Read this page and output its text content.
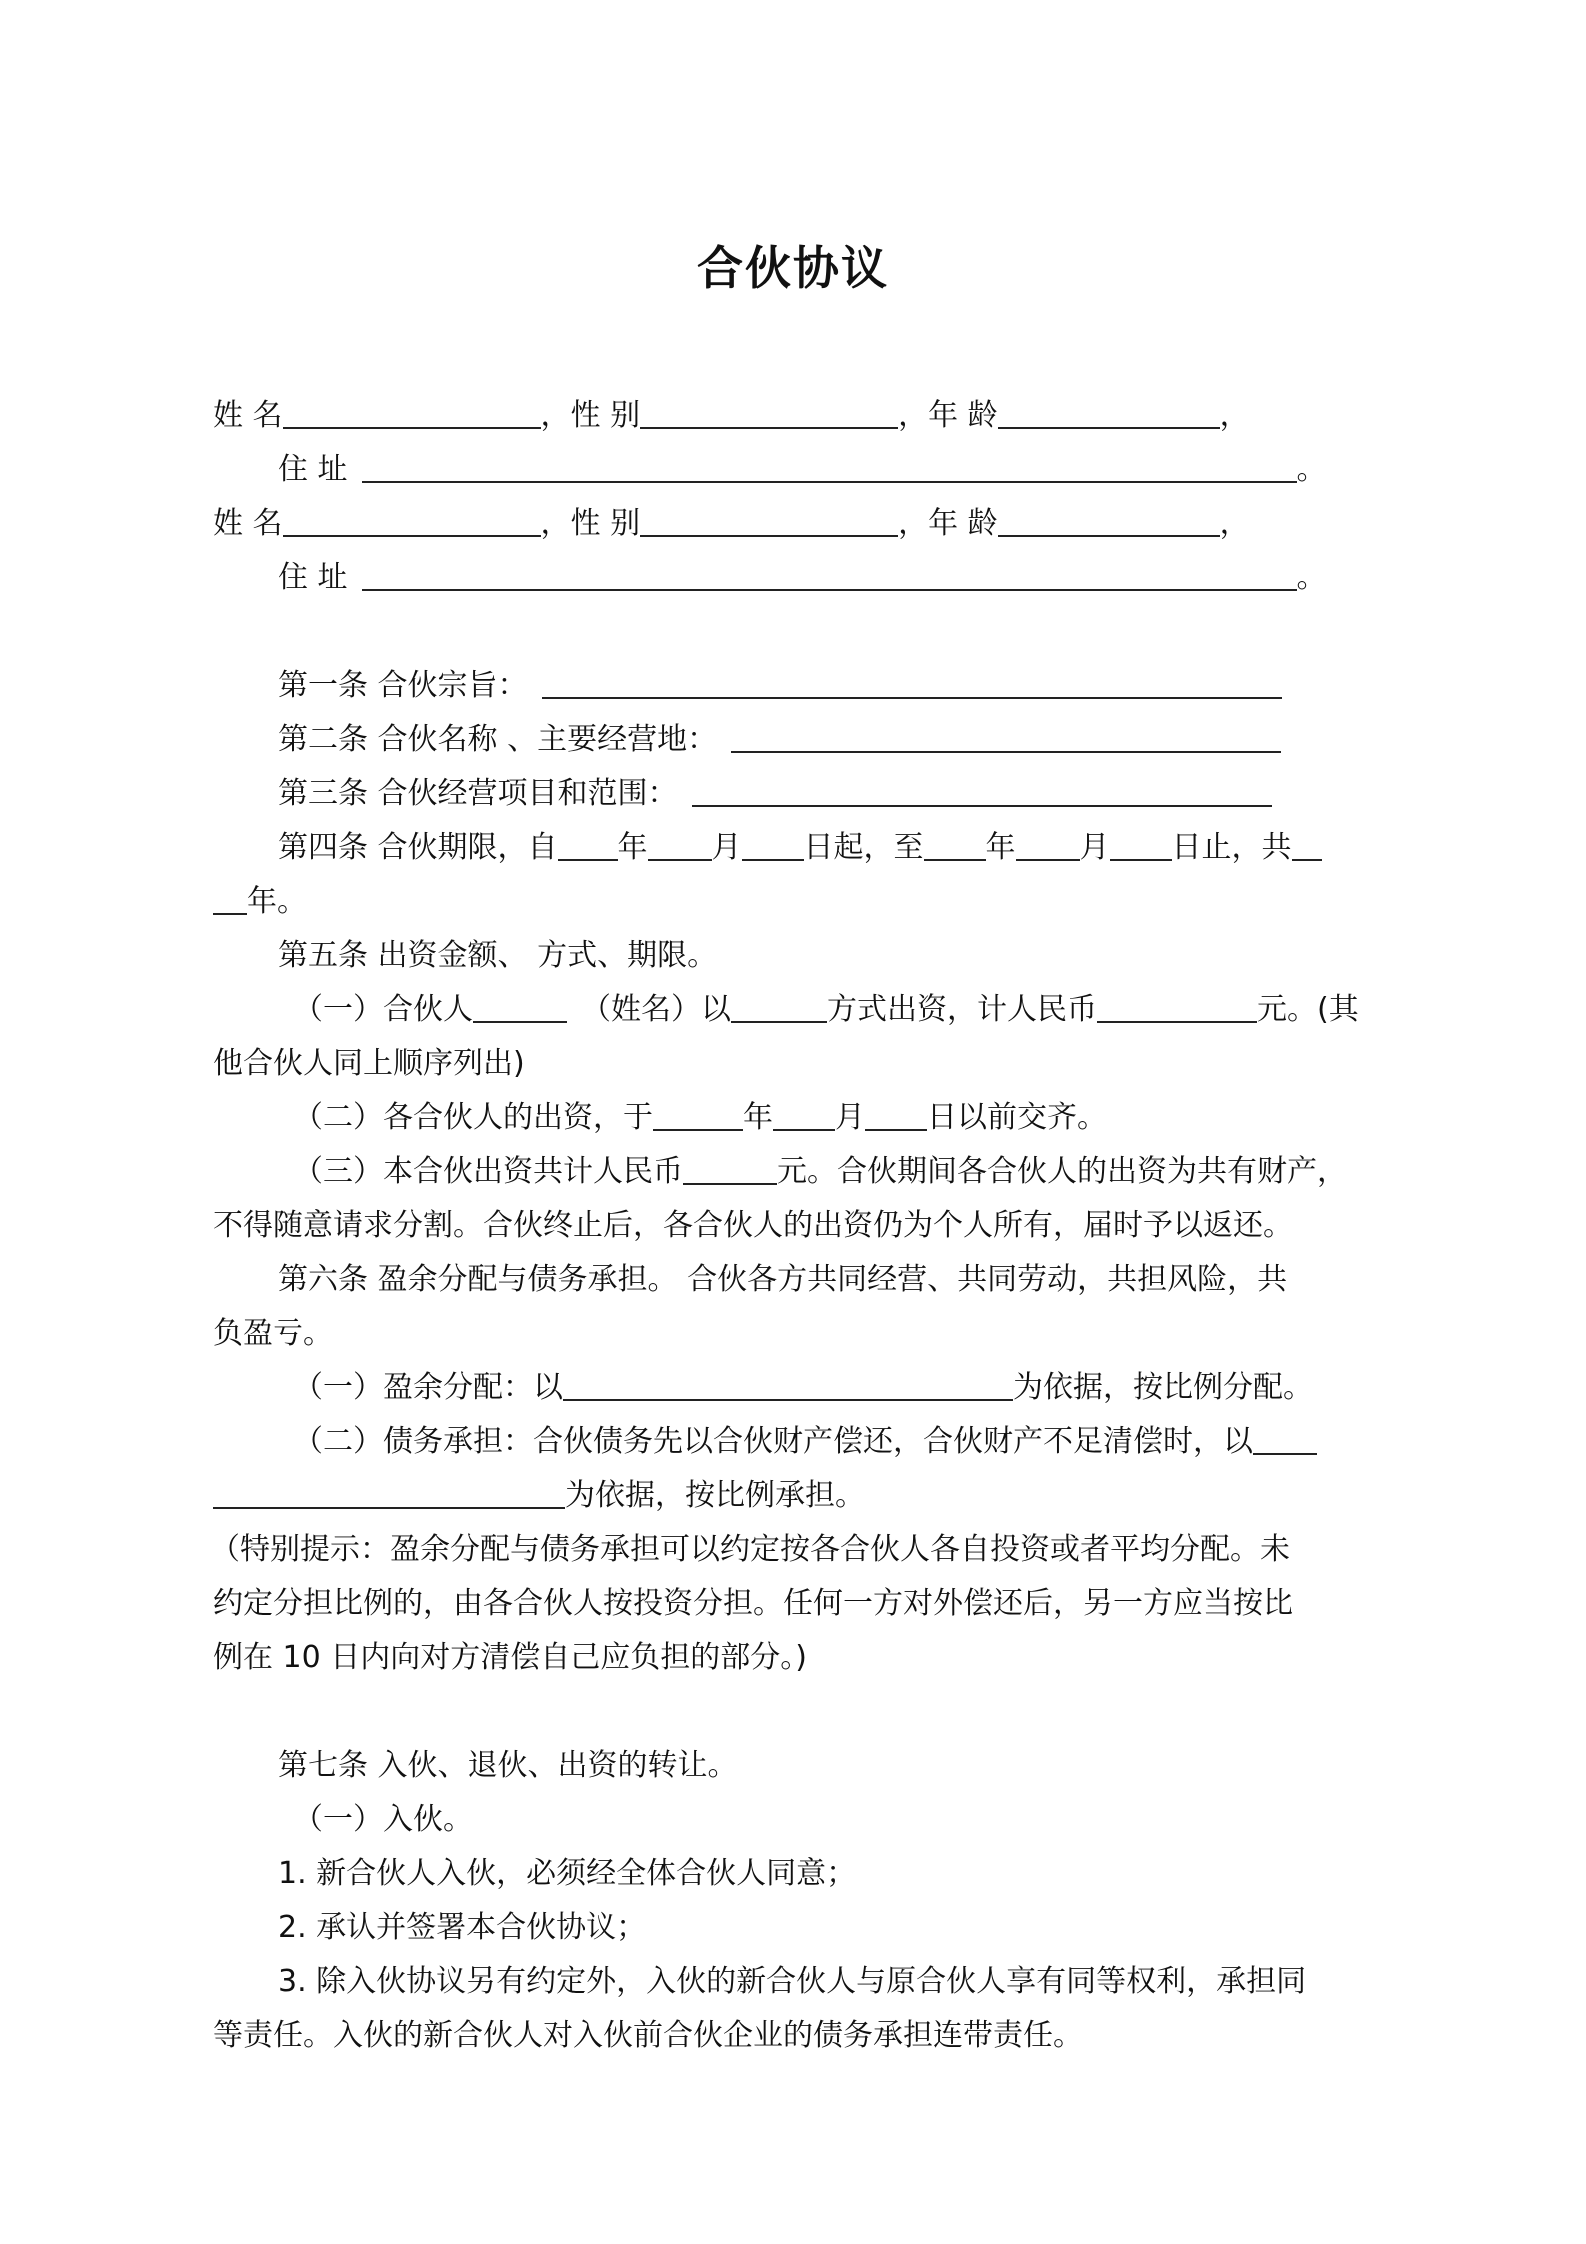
合伙协议
姓 名	，性 别	，年 龄	，
住 址	。
姓 名	，性 别	，年 龄	，
住 址	。
第一条 合伙宗旨：
第二条 合伙名称 、主要经营地：
第三条 合伙经营项目和范围：
第四条 合伙期限，自 年 月 日起，至 年 月 日止，共
年。
第五条 出资金额、 方式、期限。
（一）合伙人	（姓名）以	方式出资，计人民币	元。(其
他合伙人同上顺序列出)
（二）各合伙人的出资，于	年 月 日以前交齐。
（三）本合伙出资共计人民币	元。合伙期间各合伙人的出资为共有财产，
不得随意请求分割。合伙终止后，各合伙人的出资仍为个人所有，届时予以返还。
第六条 盈余分配与债务承担。 合伙各方共同经营、共同劳动，共担风险，共
负盈亏。
（一）盈余分配：以	为依据，按比例分配。
（二）债务承担：合伙债务先以合伙财产偿还，合伙财产不足清偿时，以
为依据，按比例承担。
（特别提示：盈余分配与债务承担可以约定按各合伙人各自投资或者平均分配。未
约定分担比例的，由各合伙人按投资分担。任何一方对外偿还后，另一方应当按比
例在 10 日内向对方清偿自己应负担的部分。)
第七条 入伙、退伙、出资的转让。
（一）入伙。
1. 新合伙人入伙，必须经全体合伙人同意；
2. 承认并签署本合伙协议；
3. 除入伙协议另有约定外，入伙的新合伙人与原合伙人享有同等权利，承担同
等责任。入伙的新合伙人对入伙前合伙企业的债务承担连带责任。
